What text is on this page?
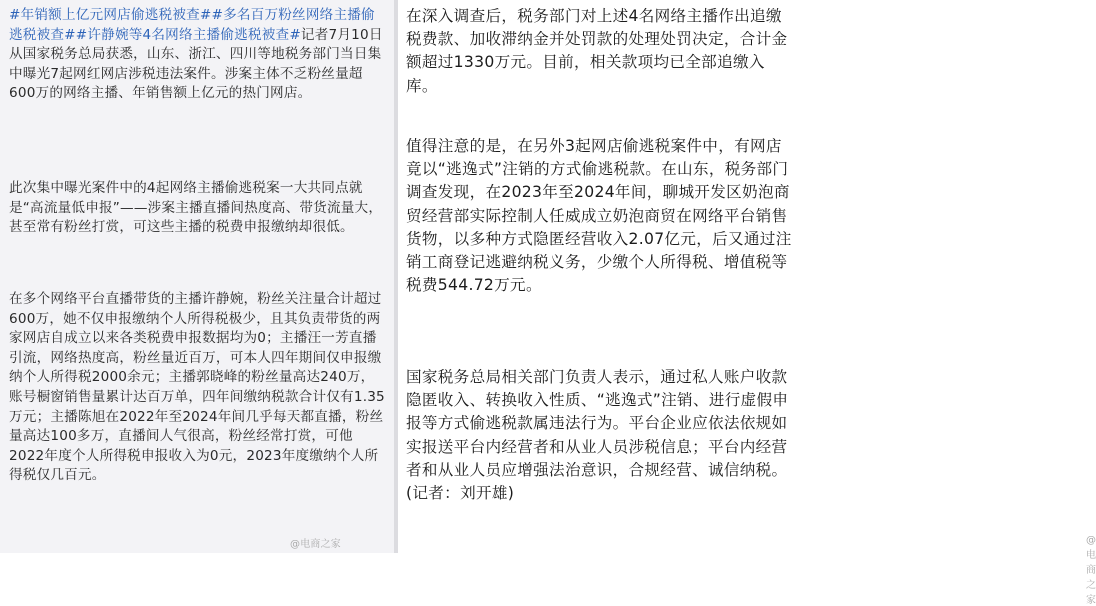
#年销额上亿元网店偷逃税被查##多名百万粉丝网络主播偷逃税被查##许静婉等4名网络主播偷逃税被查#记者7月10日从国家税务总局获悉，山东、浙江、四川等地税务部门当日集中曝光7起网红网店涉税违法案件。涉案主体不乏粉丝量超600万的网络主播、年销售额上亿元的热门网店。

此次集中曝光案件中的4起网络主播偷逃税案一大共同点就是“高流量低申报”——涉案主播直播间热度高、带货流量大，甚至常有粉丝打赏，可这些主播的税费申报缴纳却很低。

在多个网络平台直播带货的主播许静婉，粉丝关注量合计超过600万，她不仅申报缴纳个人所得税极少，且其负责带货的两家网店自成立以来各类税费申报数据均为0；主播汪一芳直播引流，网络热度高，粉丝量近百万，可本人四年期间仅申报缴纳个人所得税2000余元；主播郭晓峰的粉丝量高达240万，账号橱窗销售量累计达百万单，四年间缴纳税款合计仅有1.35万元；主播陈旭在2022年至2024年间几乎每天都直播，粉丝量高达100多万，直播间人气很高，粉丝经常打赏，可他2022年度个人所得税申报收入为0元，2023年度缴纳个人所得税仅几百元。

@电商之家

在深入调查后，税务部门对上述4名网络主播作出追缴税费款、加收滞纳金并处罚款的处理处罚决定，合计金额超过1330万元。目前，相关款项均已全部追缴入库。

值得注意的是，在另外3起网店偷逃税案件中，有网店竟以“逃逸式”注销的方式偷逃税款。在山东，税务部门调查发现，在2023年至2024年间，聊城开发区奶泡商贸经营部实际控制人任威成立奶泡商贸在网络平台销售货物，以多种方式隐匿经营收入2.07亿元，后又通过注销工商登记逃避纳税义务，少缴个人所得税、增值税等税费544.72万元。

国家税务总局相关部门负责人表示，通过私人账户收款隐匿收入、转换收入性质、“逃逸式”注销、进行虚假申报等方式偷逃税款属违法行为。平台企业应依法依规如实报送平台内经营者和从业人员涉税信息；平台内经营者和从业人员应增强法治意识，合规经营、诚信纳税。(记者：刘开雄)

@电商之家
